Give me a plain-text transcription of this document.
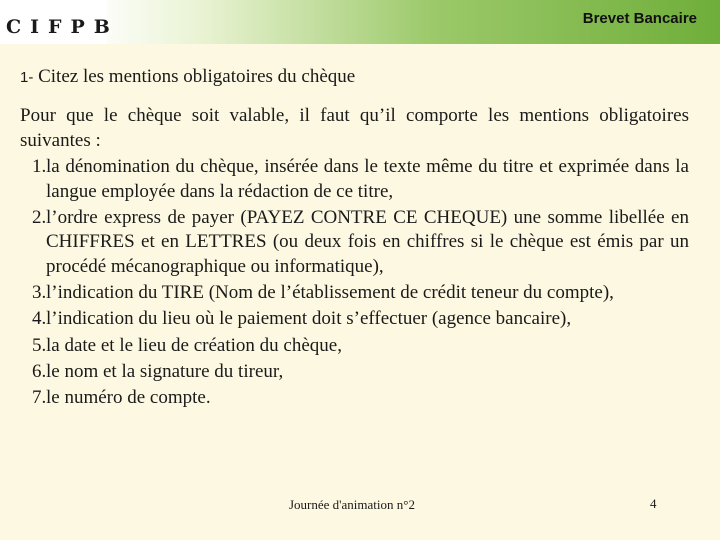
CIFPB	Brevet Bancaire
1- Citez les mentions obligatoires du chèque

Pour que le chèque soit valable, il faut qu’il comporte les mentions obligatoires suivantes :

1. la dénomination du chèque, insérée dans le texte même du titre et exprimée dans la langue employée dans la rédaction de ce titre,
2. l’ordre express de payer (PAYEZ CONTRE CE CHEQUE) une somme libellée en CHIFFRES et en LETTRES (ou deux fois en chiffres si le chèque est émis par un procédé mécanographique ou informatique),
3. l’indication du TIRE (Nom de l’établissement de crédit teneur du compte),
4. l’indication du lieu où le paiement doit s’effectuer (agence bancaire),
5. la date et le lieu de création du chèque,
6. le nom et la signature du tireur,
7. le numéro de compte.
Journée d'animation n°2	4
